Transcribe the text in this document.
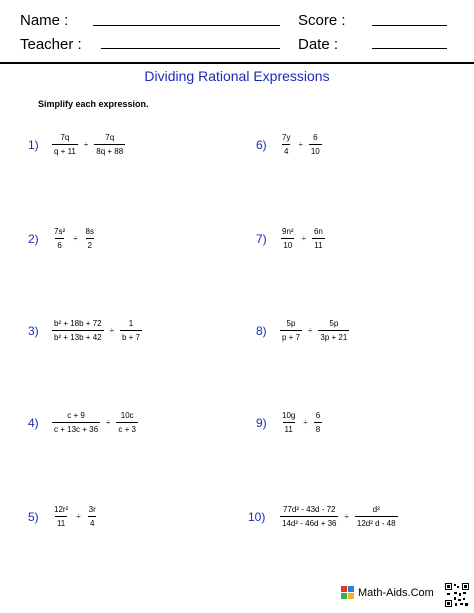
Name :	Score :
Teacher :	Date :
Dividing Rational Expressions
Simplify each expression.
$1) \frac{7q}{q + 11} \div \frac{7q}{8q + 88}$
$2) \frac{\text{7s²}}{6} \div \frac{8s}{2}$
$3) \frac{\text{b² + 18b + 72}}{\text{b² + 13b + 42}} \div \frac{1}{b + 7}$
$4) \frac{c + 9}{c + 13c + 36} \div \frac{10c}{c + 3}$
$5) \frac{\text{12r²}}{11} \div \frac{3r}{4}$
$6) \frac{7y}{4} \div \frac{6}{10}$
$7) \frac{\text{9n²}}{10} \div \frac{6n}{11}$
$8) \frac{5p}{p + 7} \div \frac{5p}{3p + 21}$
$9) \frac{10g}{11} \div \frac{6}{8}$
$10) \frac{\text{77d² - 43d - 72}}{\text{14d² - 46d + 36}} \div \frac{\text{d²}}{\text{12d² d - 48}}$
Math-Aids.Com
